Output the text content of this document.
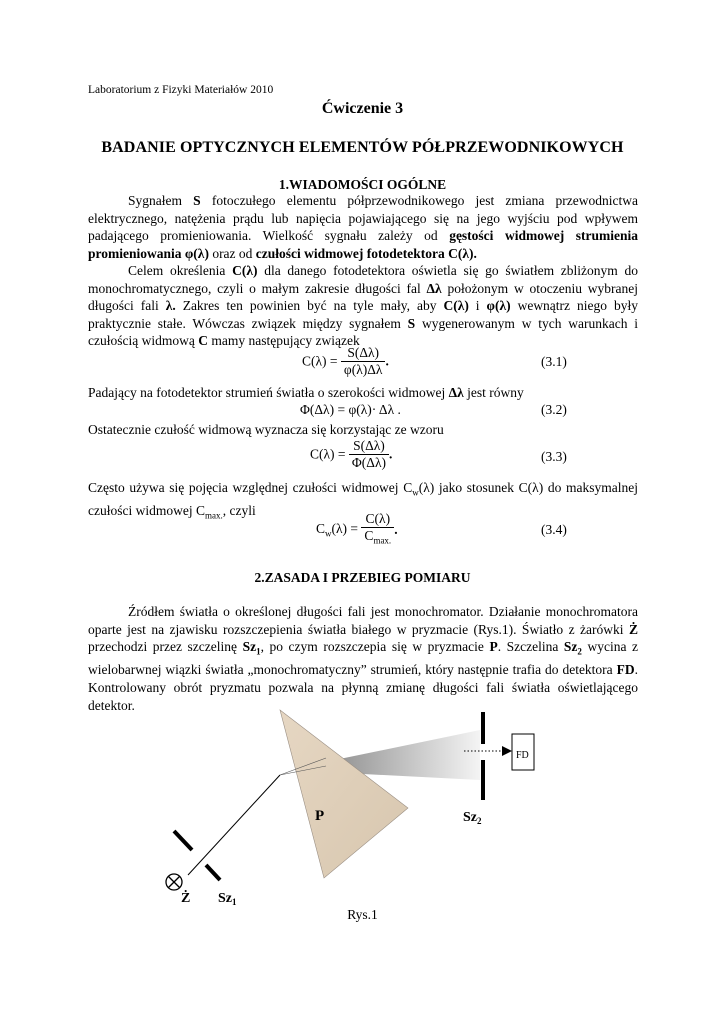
Laboratorium z Fizyki Materiałów 2010
Ćwiczenie 3
BADANIE OPTYCZNYCH ELEMENTÓW PÓŁPRZEWODNIKOWYCH
1.WIADOMOŚCI OGÓLNE
Sygnałem S fotoczułego elementu półprzewodnikowego jest zmiana przewodnictwa elektrycznego, natężenia prądu lub napięcia pojawiającego się na jego wyjściu pod wpływem padającego promieniowania. Wielkość sygnału zależy od gęstości widmowej strumienia promieniowania φ(λ) oraz od czułości widmowej fotodetektora C(λ).
Celem określenia C(λ) dla danego fotodetektora oświetla się go światłem zbliżonym do monochromatycznego, czyli o małym zakresie długości fal Δλ położonym w otoczeniu wybranej długości fali λ. Zakres ten powinien być na tyle mały, aby C(λ) i φ(λ) wewnątrz niego były praktycznie stałe. Wówczas związek między sygnałem S wygenerowanym w tych warunkach i czułością widmową C mamy następujący związek
$C(\lambda) = \frac{S(\Delta\lambda)}{\varphi(\lambda)\Delta\lambda}$ .	(3.1)
Padający na fotodetektor strumień światła o szerokości widmowej Δλ jest równy
Φ(Δλ) = φ(λ)· Δλ .	(3.2)
Ostatecznie czułość widmową wyznacza się korzystając ze wzoru
$C(\lambda) = \frac{S(\Delta\lambda)}{\Phi(\Delta\lambda)}$ .	(3.3)
Często używa się pojęcia względnej czułości widmowej $C_w(\lambda)$ jako stosunek C(λ) do maksymalnej czułości widmowej $C_{max.}$, czyli
$C_w(\lambda) = \frac{C(\lambda)}{C_{max.}}$ .	(3.4)
2.ZASADA I PRZEBIEG POMIARU
Źródłem światła o określonej długości fali jest monochromator. Działanie monochromatora oparte jest na zjawisku rozszczepienia światła białego w pryzmacie (Rys.1). Światło z żarówki Ż przechodzi przez szczelinę $Sz_1$, po czym rozszczepia się w pryzmacie P. Szczelina $Sz_2$ wycina z wielobarwnej wiązki światła „monochromatyczny” strumień, który następnie trafia do detektora FD. Kontrolowany obrót pryzmatu pozwala na płynną zmianę długości fali światła oświetlającego detektor.
FD
P	$Sz_2$
Ż $Sz_1$
Rys.1
